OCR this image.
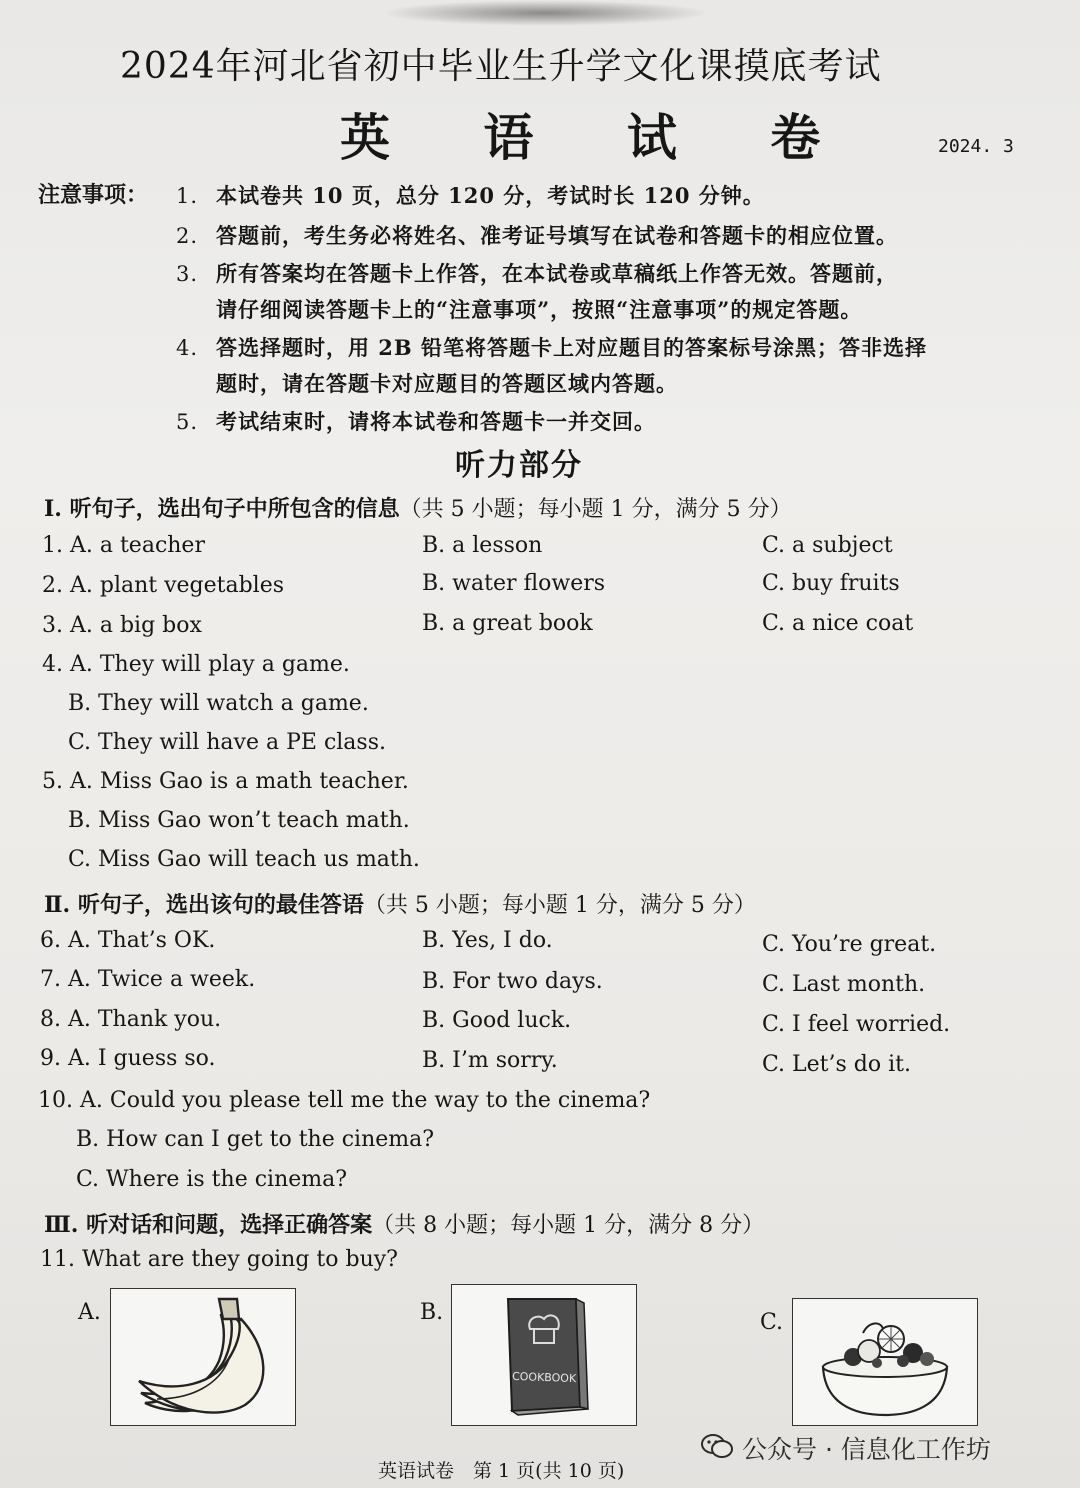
2024年河北省初中毕业生升学文化课摸底考试
英 语 试 卷	2024. 3
注意事项： 1. 本试卷共 10 页，总分 120 分，考试时长 120 分钟。
2. 答题前，考生务必将姓名、准考证号填写在试卷和答题卡的相应位置。
3. 所有答案均在答题卡上作答，在本试卷或草稿纸上作答无效。答题前，
请仔细阅读答题卡上的“注意事项”，按照“注意事项”的规定答题。
4. 答选择题时，用 2B 铅笔将答题卡上对应题目的答案标号涂黑；答非选择
题时，请在答题卡对应题目的答题区域内答题。
5. 考试结束时，请将本试卷和答题卡一并交回。
听力部分
Ⅰ. 听句子，选出句子中所包含的信息（共 5 小题；每小题 1 分，满分 5 分）
1. A. a teacher	B. a lesson	C. a subject
2. A. plant vegetables	B. water flowers	C. buy fruits
3. A. a big box	B. a great book	C. a nice coat
4. A. They will play a game.
B. They will watch a game.
C. They will have a PE class.
5. A. Miss Gao is a math teacher.
B. Miss Gao won’t teach math.
C. Miss Gao will teach us math.
Ⅱ. 听句子，选出该句的最佳答语（共 5 小题；每小题 1 分，满分 5 分）
6. A. That’s OK.	B. Yes, I do.	C. You’re great.
7. A. Twice a week.	B. For two days.	C. Last month.
8. A. Thank you.	B. Good luck.	C. I feel worried.
9. A. I guess so.	B. I’m sorry.	C. Let’s do it.
10. A. Could you please tell me the way to the cinema?
B. How can I get to the cinema?
C. Where is the cinema?
Ⅲ. 听对话和问题，选择正确答案（共 8 小题；每小题 1 分，满分 8 分）
11. What are they going to buy?
A.	B.	C.
COOKBOOK
英语试卷　第 1 页(共 10 页)
公众号 · 信息化工作坊
